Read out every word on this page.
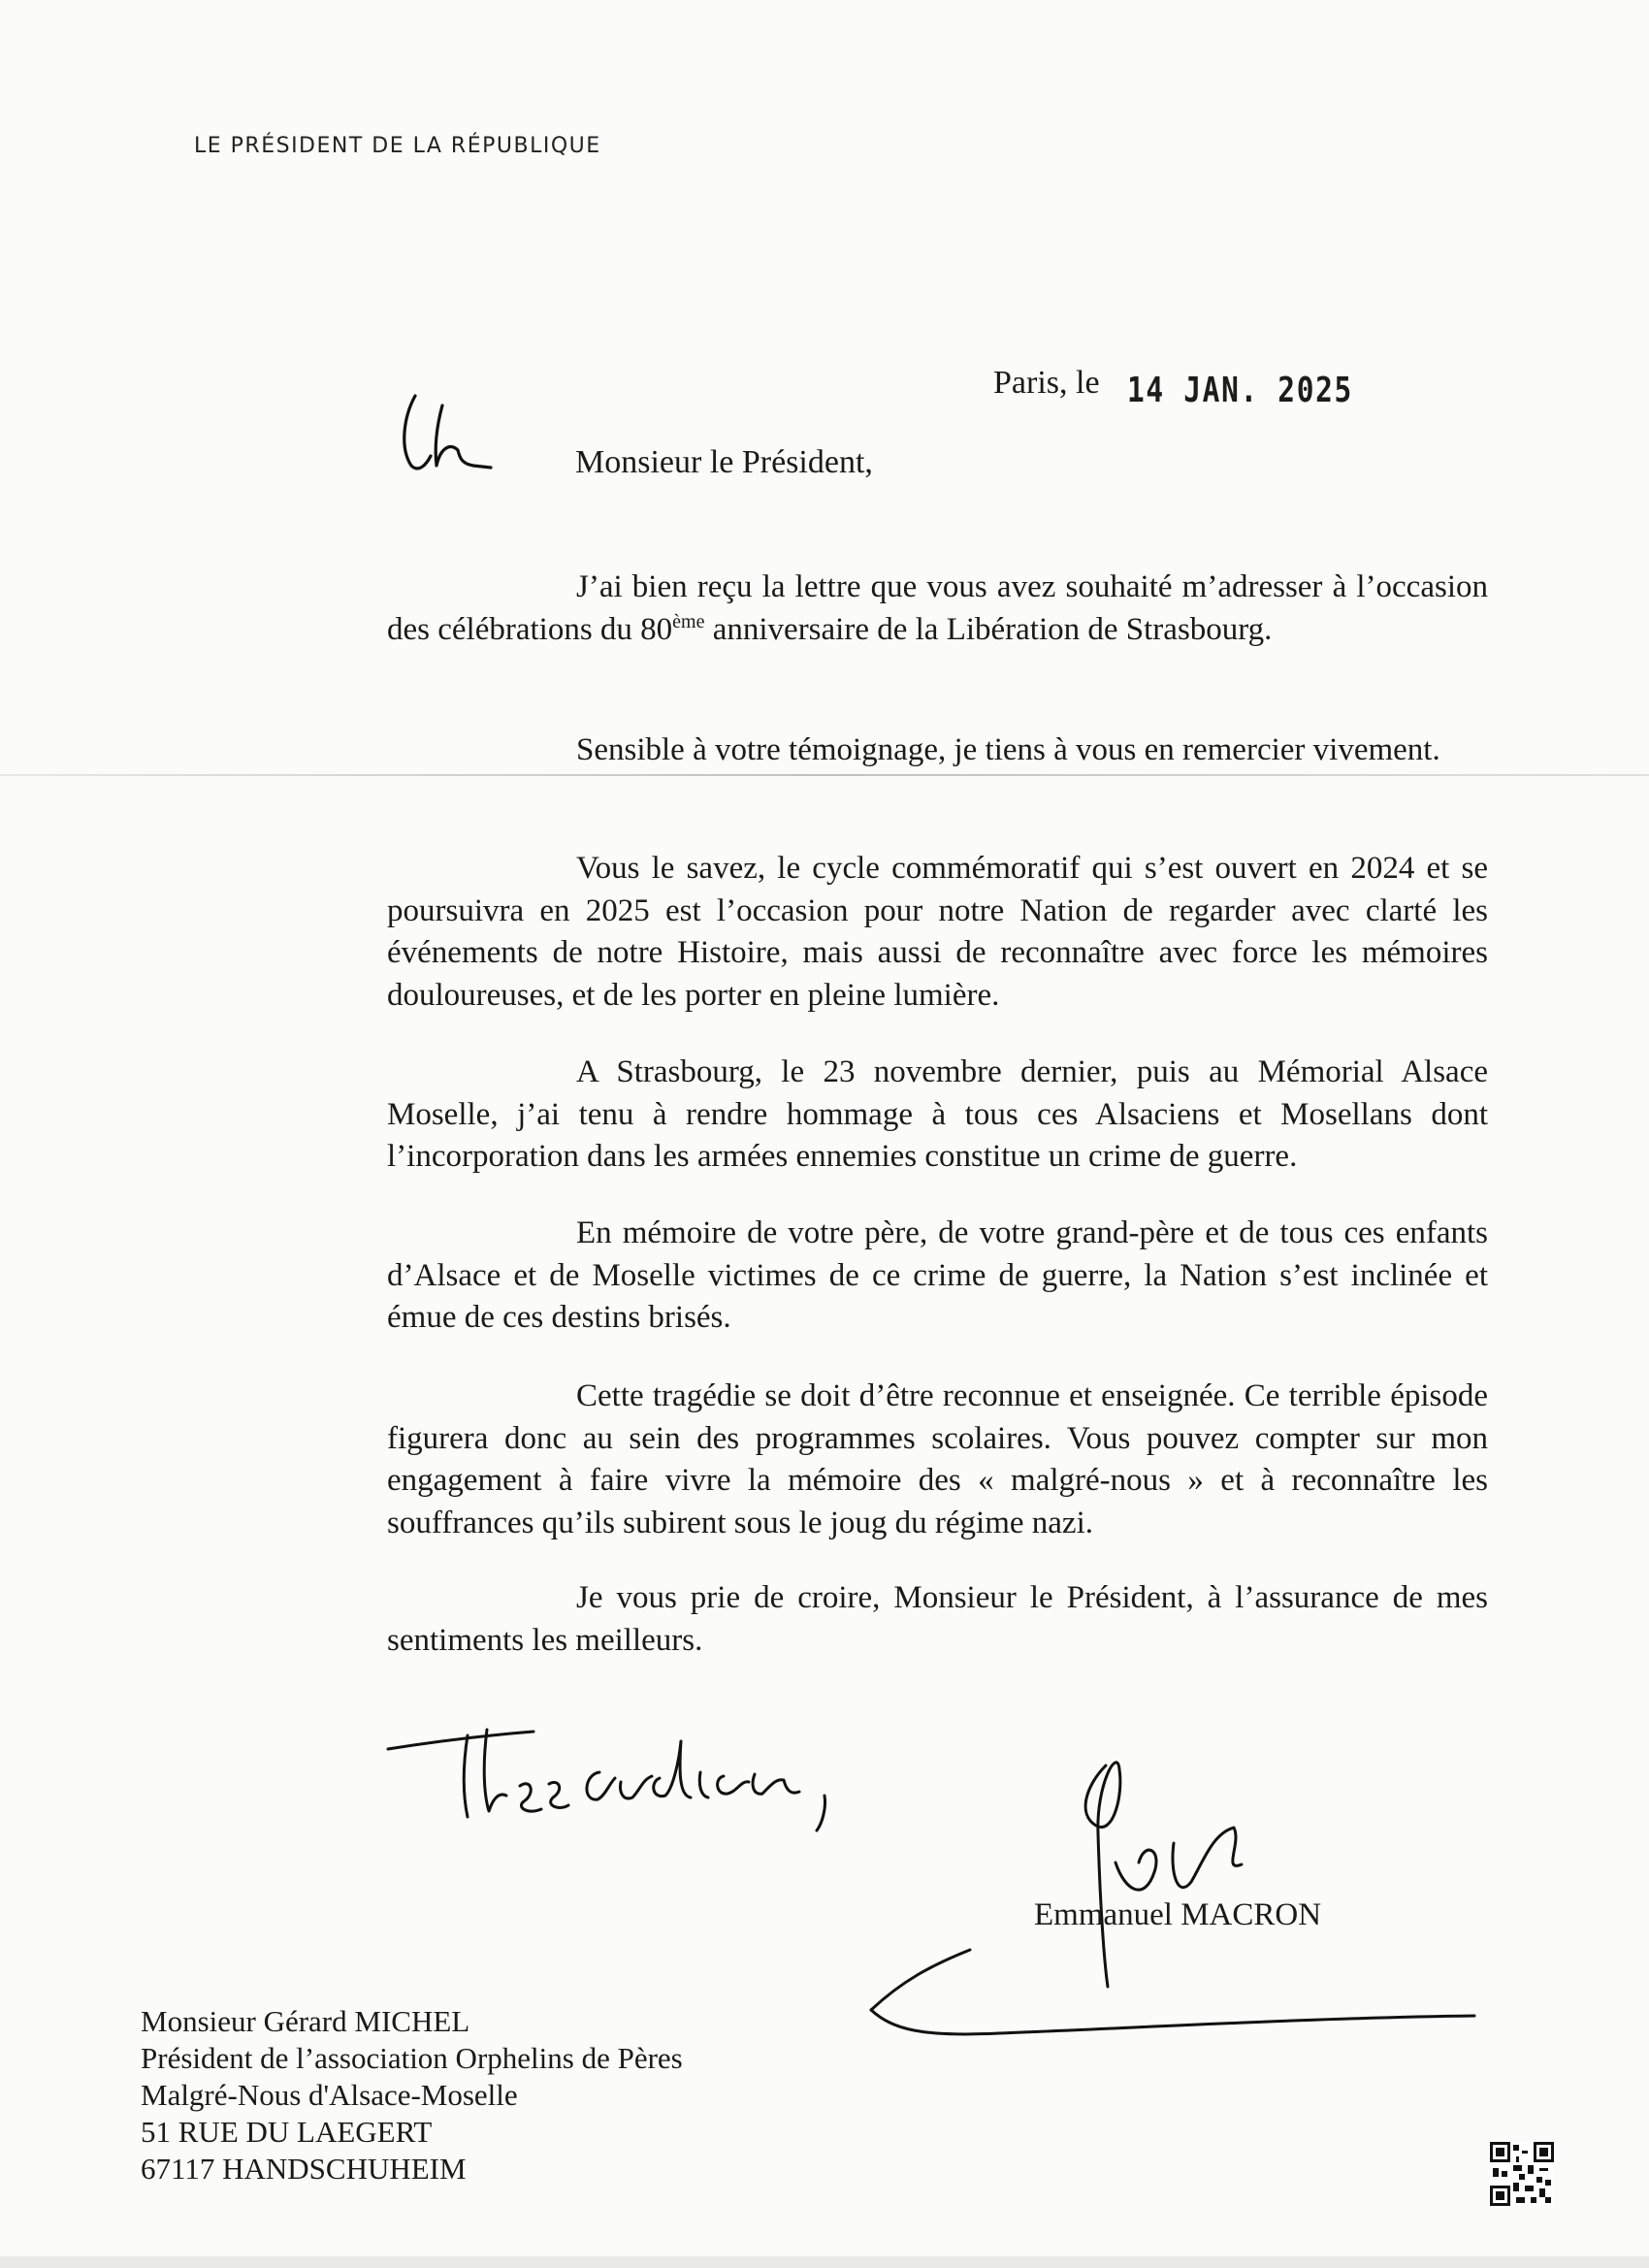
LE PRÉSIDENT DE LA RÉPUBLIQUE
Paris, le 14 JAN. 2025
Monsieur le Président,

J’ai bien reçu la lettre que vous avez souhaité m’adresser à l’occasion des célébrations du 80ème anniversaire de la Libération de Strasbourg.

Sensible à votre témoignage, je tiens à vous en remercier vivement.

Vous le savez, le cycle commémoratif qui s’est ouvert en 2024 et se poursuivra en 2025 est l’occasion pour notre Nation de regarder avec clarté les événements de notre Histoire, mais aussi de reconnaître avec force les mémoires douloureuses, et de les porter en pleine lumière.

A Strasbourg, le 23 novembre dernier, puis au Mémorial Alsace Moselle, j’ai tenu à rendre hommage à tous ces Alsaciens et Mosellans dont l’incorporation dans les armées ennemies constitue un crime de guerre.

En mémoire de votre père, de votre grand-père et de tous ces enfants d’Alsace et de Moselle victimes de ce crime de guerre, la Nation s’est inclinée et émue de ces destins brisés.

Cette tragédie se doit d’être reconnue et enseignée. Ce terrible épisode figurera donc au sein des programmes scolaires. Vous pouvez compter sur mon engagement à faire vivre la mémoire des « malgré-nous » et à reconnaître les souffrances qu’ils subirent sous le joug du régime nazi.

Je vous prie de croire, Monsieur le Président, à l’assurance de mes sentiments les meilleurs.

Emmanuel MACRON
Monsieur Gérard MICHEL
Président de l’association Orphelins de Pères
Malgré-Nous d'Alsace-Moselle
51 RUE DU LAEGERT
67117 HANDSCHUHEIM
